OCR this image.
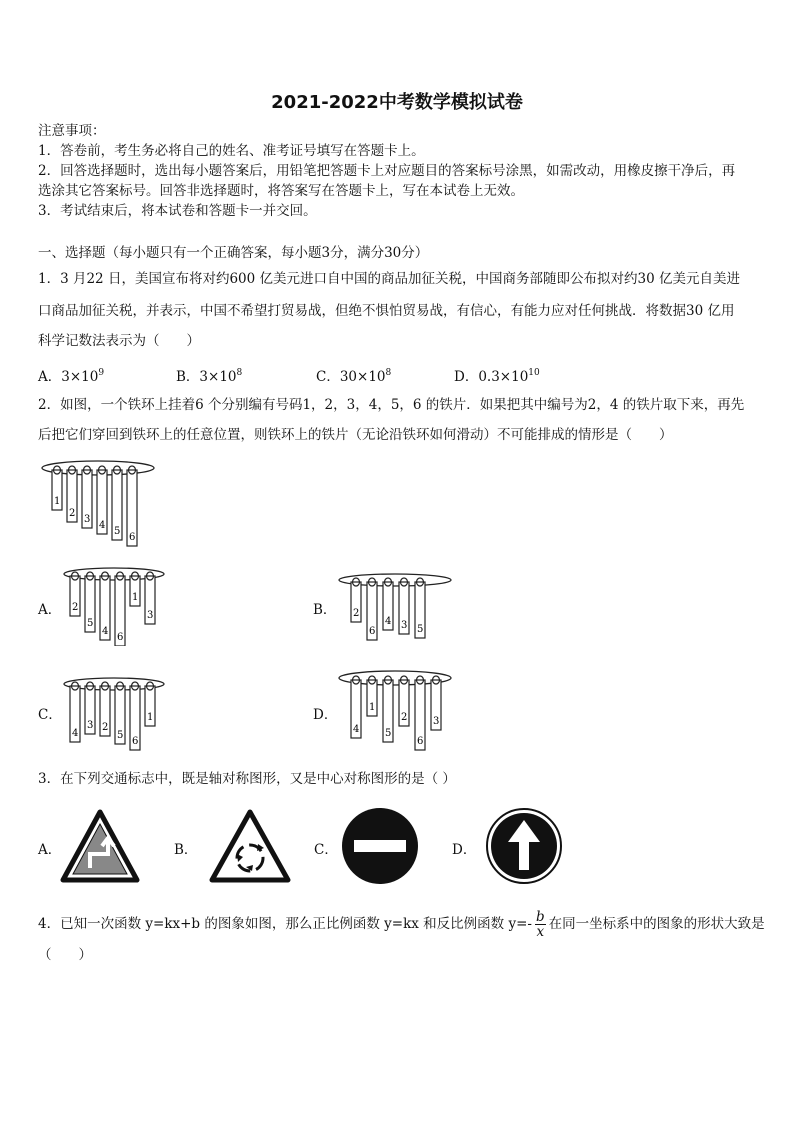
2021-2022中考数学模拟试卷
注意事项：
1．答卷前，考生务必将自己的姓名、准考证号填写在答题卡上。
2．回答选择题时，选出每小题答案后，用铅笔把答题卡上对应题目的答案标号涂黑，如需改动，用橡皮擦干净后，再
选涂其它答案标号。回答非选择题时，将答案写在答题卡上，写在本试卷上无效。
3．考试结束后，将本试卷和答题卡一并交回。
一、选择题（每小题只有一个正确答案，每小题3分，满分30分）
1．3 月22 日，美国宣布将对约600 亿美元进口自中国的商品加征关税，中国商务部随即公布拟对约30 亿美元自美进
口商品加征关税，并表示，中国不希望打贸易战，但绝不惧怕贸易战，有信心，有能力应对任何挑战．将数据30 亿用
科学记数法表示为（　　）
A．$3\times 10^9$	B．$3\times 10^8$	C．$30\times 10^8$	D．$0.3\times 10^{10}$
2．如图，一个铁环上挂着6 个分别编有号码1，2，3，4，5，6 的铁片．如果把其中编号为2，4 的铁片取下来，再先
后把它们穿回到铁环上的任意位置，则铁环上的铁片（无论沿铁环如何滑动）不可能排成的情形是（　　）
1
2
3
4
5
6
A． 2
5
4
6
1
3	B． 2
6
4 3 5
C．
4
3 2
5
6
1	D．
4
1
5
2
6
3
3．在下列交通标志中，既是轴对称图形，又是中心对称图形的是（ ）
A．	B．	C．	D．
4．已知一次函数 y=kx+b 的图象如图，那么正比例函数 y=kx 和反比例函数 $y=- \frac{b}{x}$ 在同一坐标系中的图象的形状大致是
（　　）
